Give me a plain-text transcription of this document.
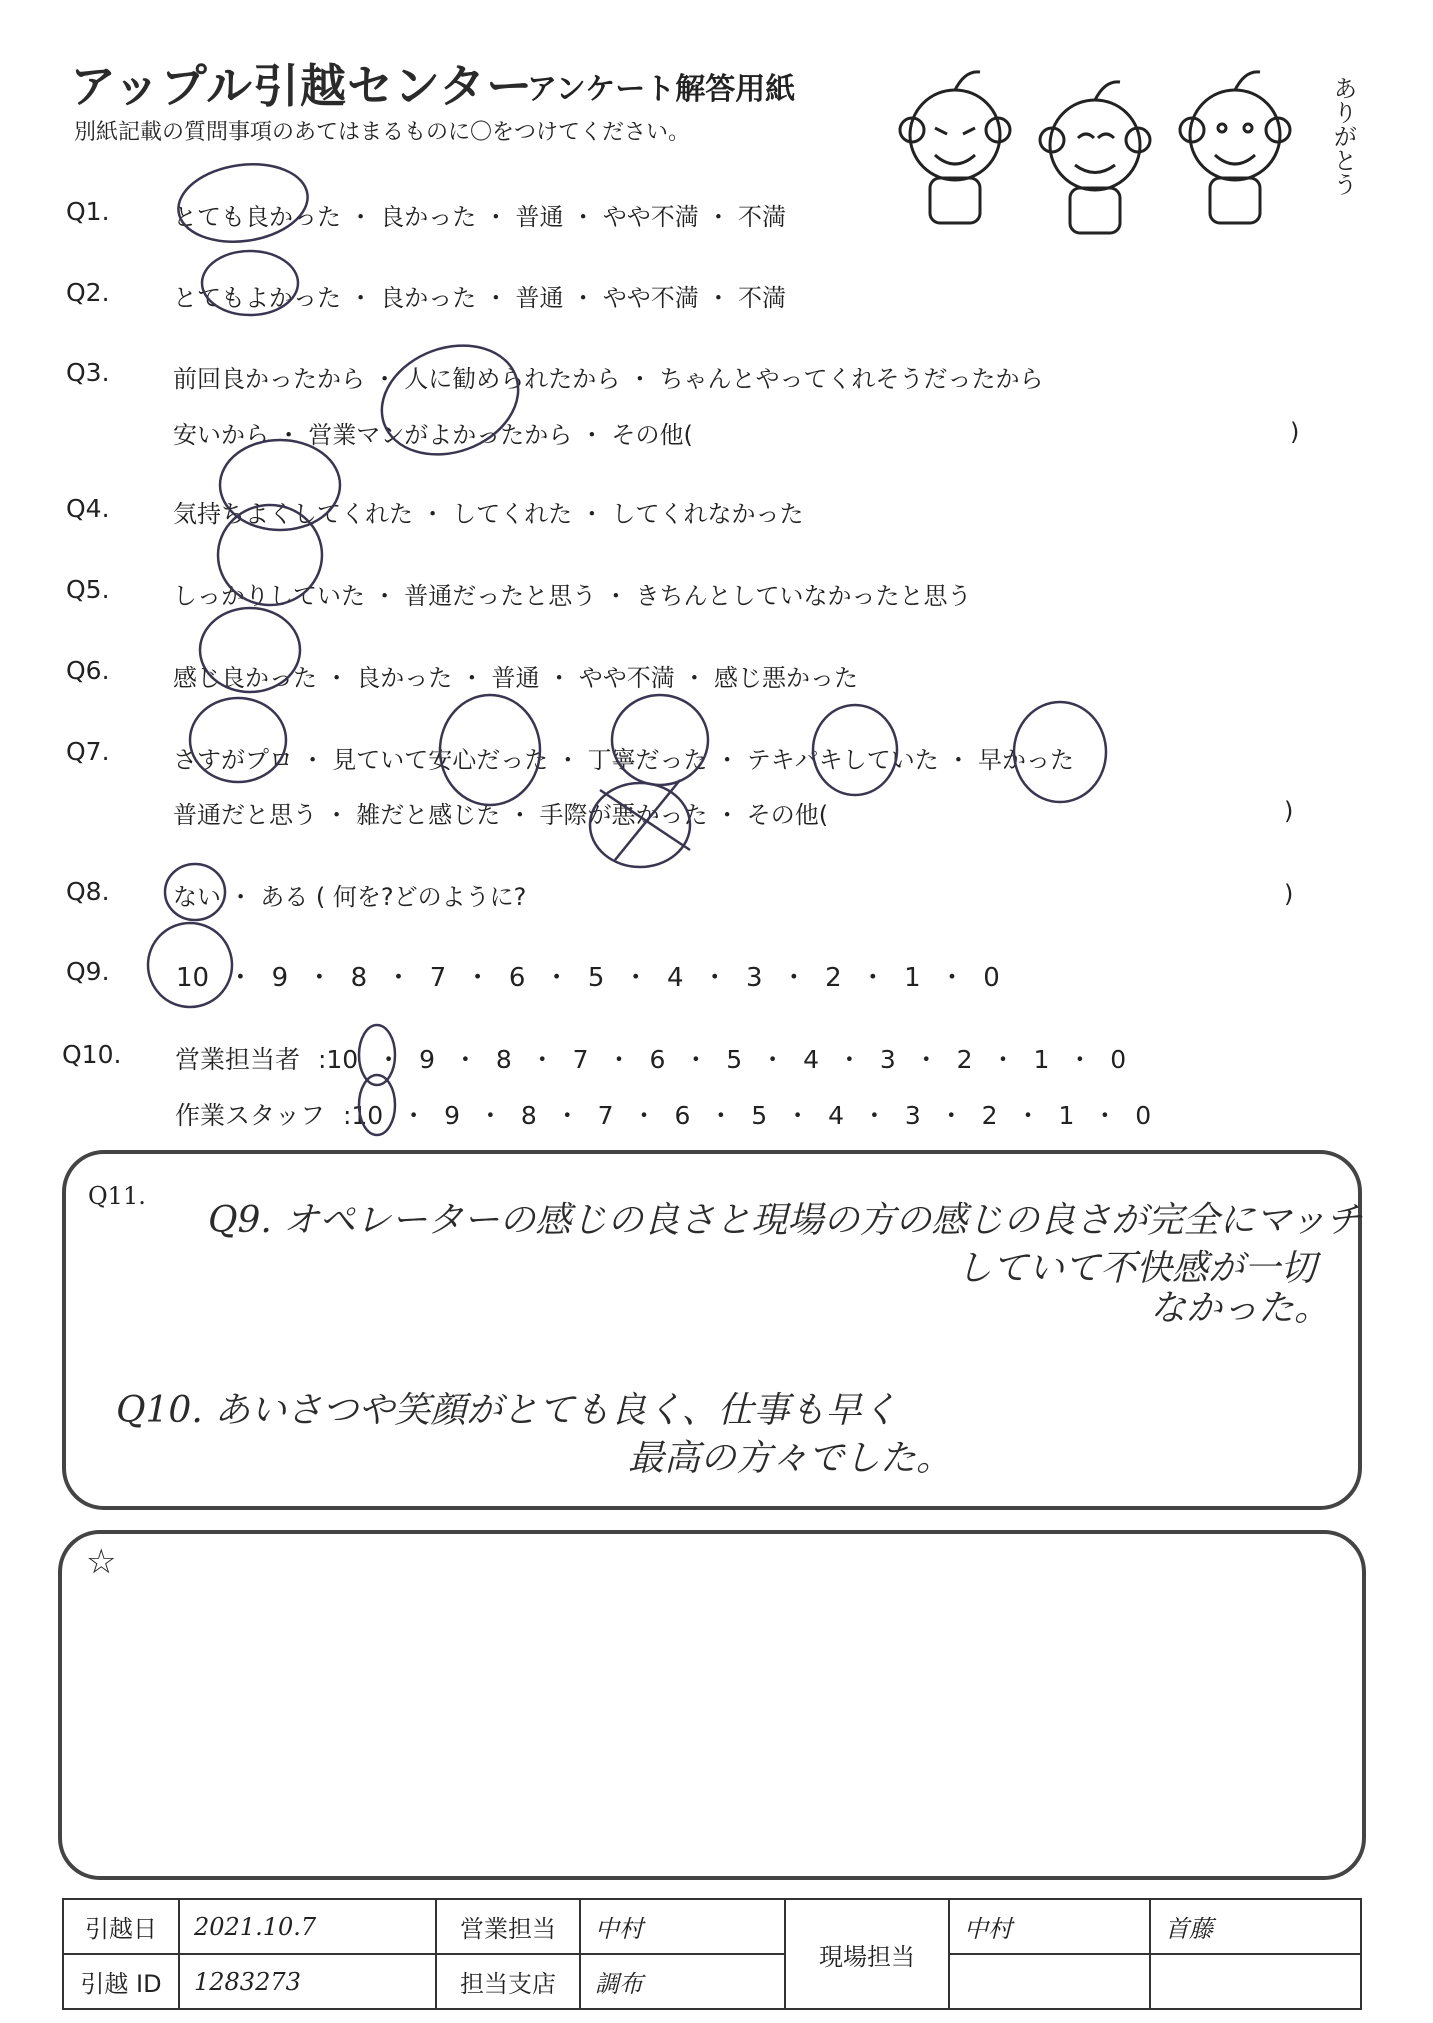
アップル引越センター
アンケート解答用紙
別紙記載の質問事項のあてはまるものに〇をつけてください。	ありがとう
Q1.	とても良かった ・ 良かった ・ 普通 ・ やや不満 ・ 不満
Q2.	とてもよかった ・ 良かった ・ 普通 ・ やや不満 ・ 不満
Q3.	前回良かったから ・ 人に勧められたから ・ ちゃんとやってくれそうだったから
安いから ・ 営業マンがよかったから ・ その他(	)
Q4.	気持ちよくしてくれた ・ してくれた ・ してくれなかった
Q5.	しっかりしていた ・ 普通だったと思う ・ きちんとしていなかったと思う
Q6.	感じ良かった ・ 良かった ・ 普通 ・ やや不満 ・ 感じ悪かった
Q7.	さすがプロ ・ 見ていて安心だった ・ 丁寧だった ・ テキパキしていた ・ 早かった
普通だと思う ・ 雑だと感じた ・ 手際が悪かった ・ その他(	)
Q8.	ない ・ ある ( 何を?どのように?	)
Q9.	10 ・ 9 ・ 8 ・ 7 ・ 6 ・ 5 ・ 4 ・ 3 ・ 2 ・ 1 ・ 0
Q10. 営業担当者 :10 ・ 9 ・ 8 ・ 7 ・ 6 ・ 5 ・ 4 ・ 3 ・ 2 ・ 1 ・ 0
作業スタッフ :10 ・ 9 ・ 8 ・ 7 ・ 6 ・ 5 ・ 4 ・ 3 ・ 2 ・ 1 ・ 0
Q11.
Q9. オペレーターの感じの良さと現場の方の感じの良さが完全にマッチ
していて不快感が一切
なかった。
Q10. あいさつや笑顔がとても良く、仕事も早く
最高の方々でした。
☆
引越日	2021.10.7	営業担当	中村	現場担当	中村	首藤
引越 ID	1283273	担当支店	調布			
